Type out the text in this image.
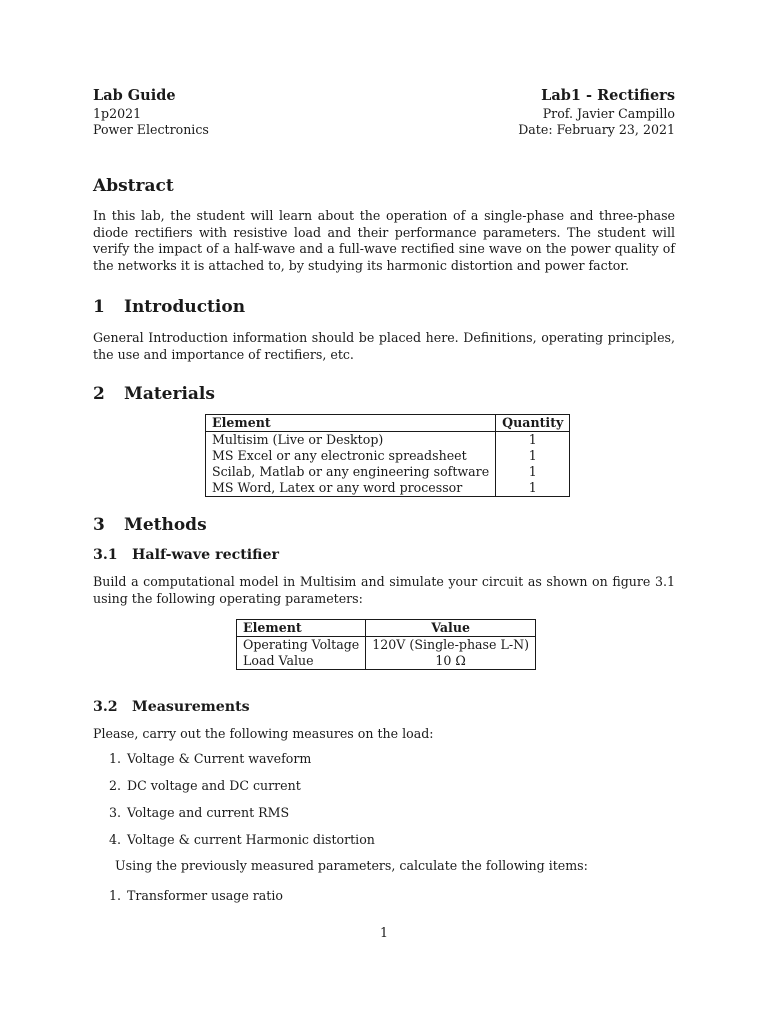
Lab Guide
1p2021
Power Electronics
Lab1 - Rectifiers
Prof. Javier Campillo
Date: February 23, 2021
Abstract
In this lab, the student will learn about the operation of a single-phase and three-phase diode rectifiers with resistive load and their performance parameters. The student will verify the impact of a half-wave and a full-wave rectified sine wave on the power quality of the networks it is attached to, by studying its harmonic distortion and power factor.
1 Introduction
General Introduction information should be placed here. Definitions, operating principles, the use and importance of rectifiers, etc.
2 Materials
Element	Quantity
Multisim (Live or Desktop)	1
MS Excel or any electronic spreadsheet	1
Scilab, Matlab or any engineering software	1
MS Word, Latex or any word processor	1
3 Methods
3.1 Half-wave rectifier
Build a computational model in Multisim and simulate your circuit as shown on figure 3.1 using the following operating parameters:
Element	Value
Operating Voltage	120V (Single-phase L-N)
Load Value	10 Ω
3.2 Measurements
Please, carry out the following measures on the load:
1. Voltage & Current waveform
2. DC voltage and DC current
3. Voltage and current RMS
4. Voltage & current Harmonic distortion
Using the previously measured parameters, calculate the following items:
1. Transformer usage ratio
1
